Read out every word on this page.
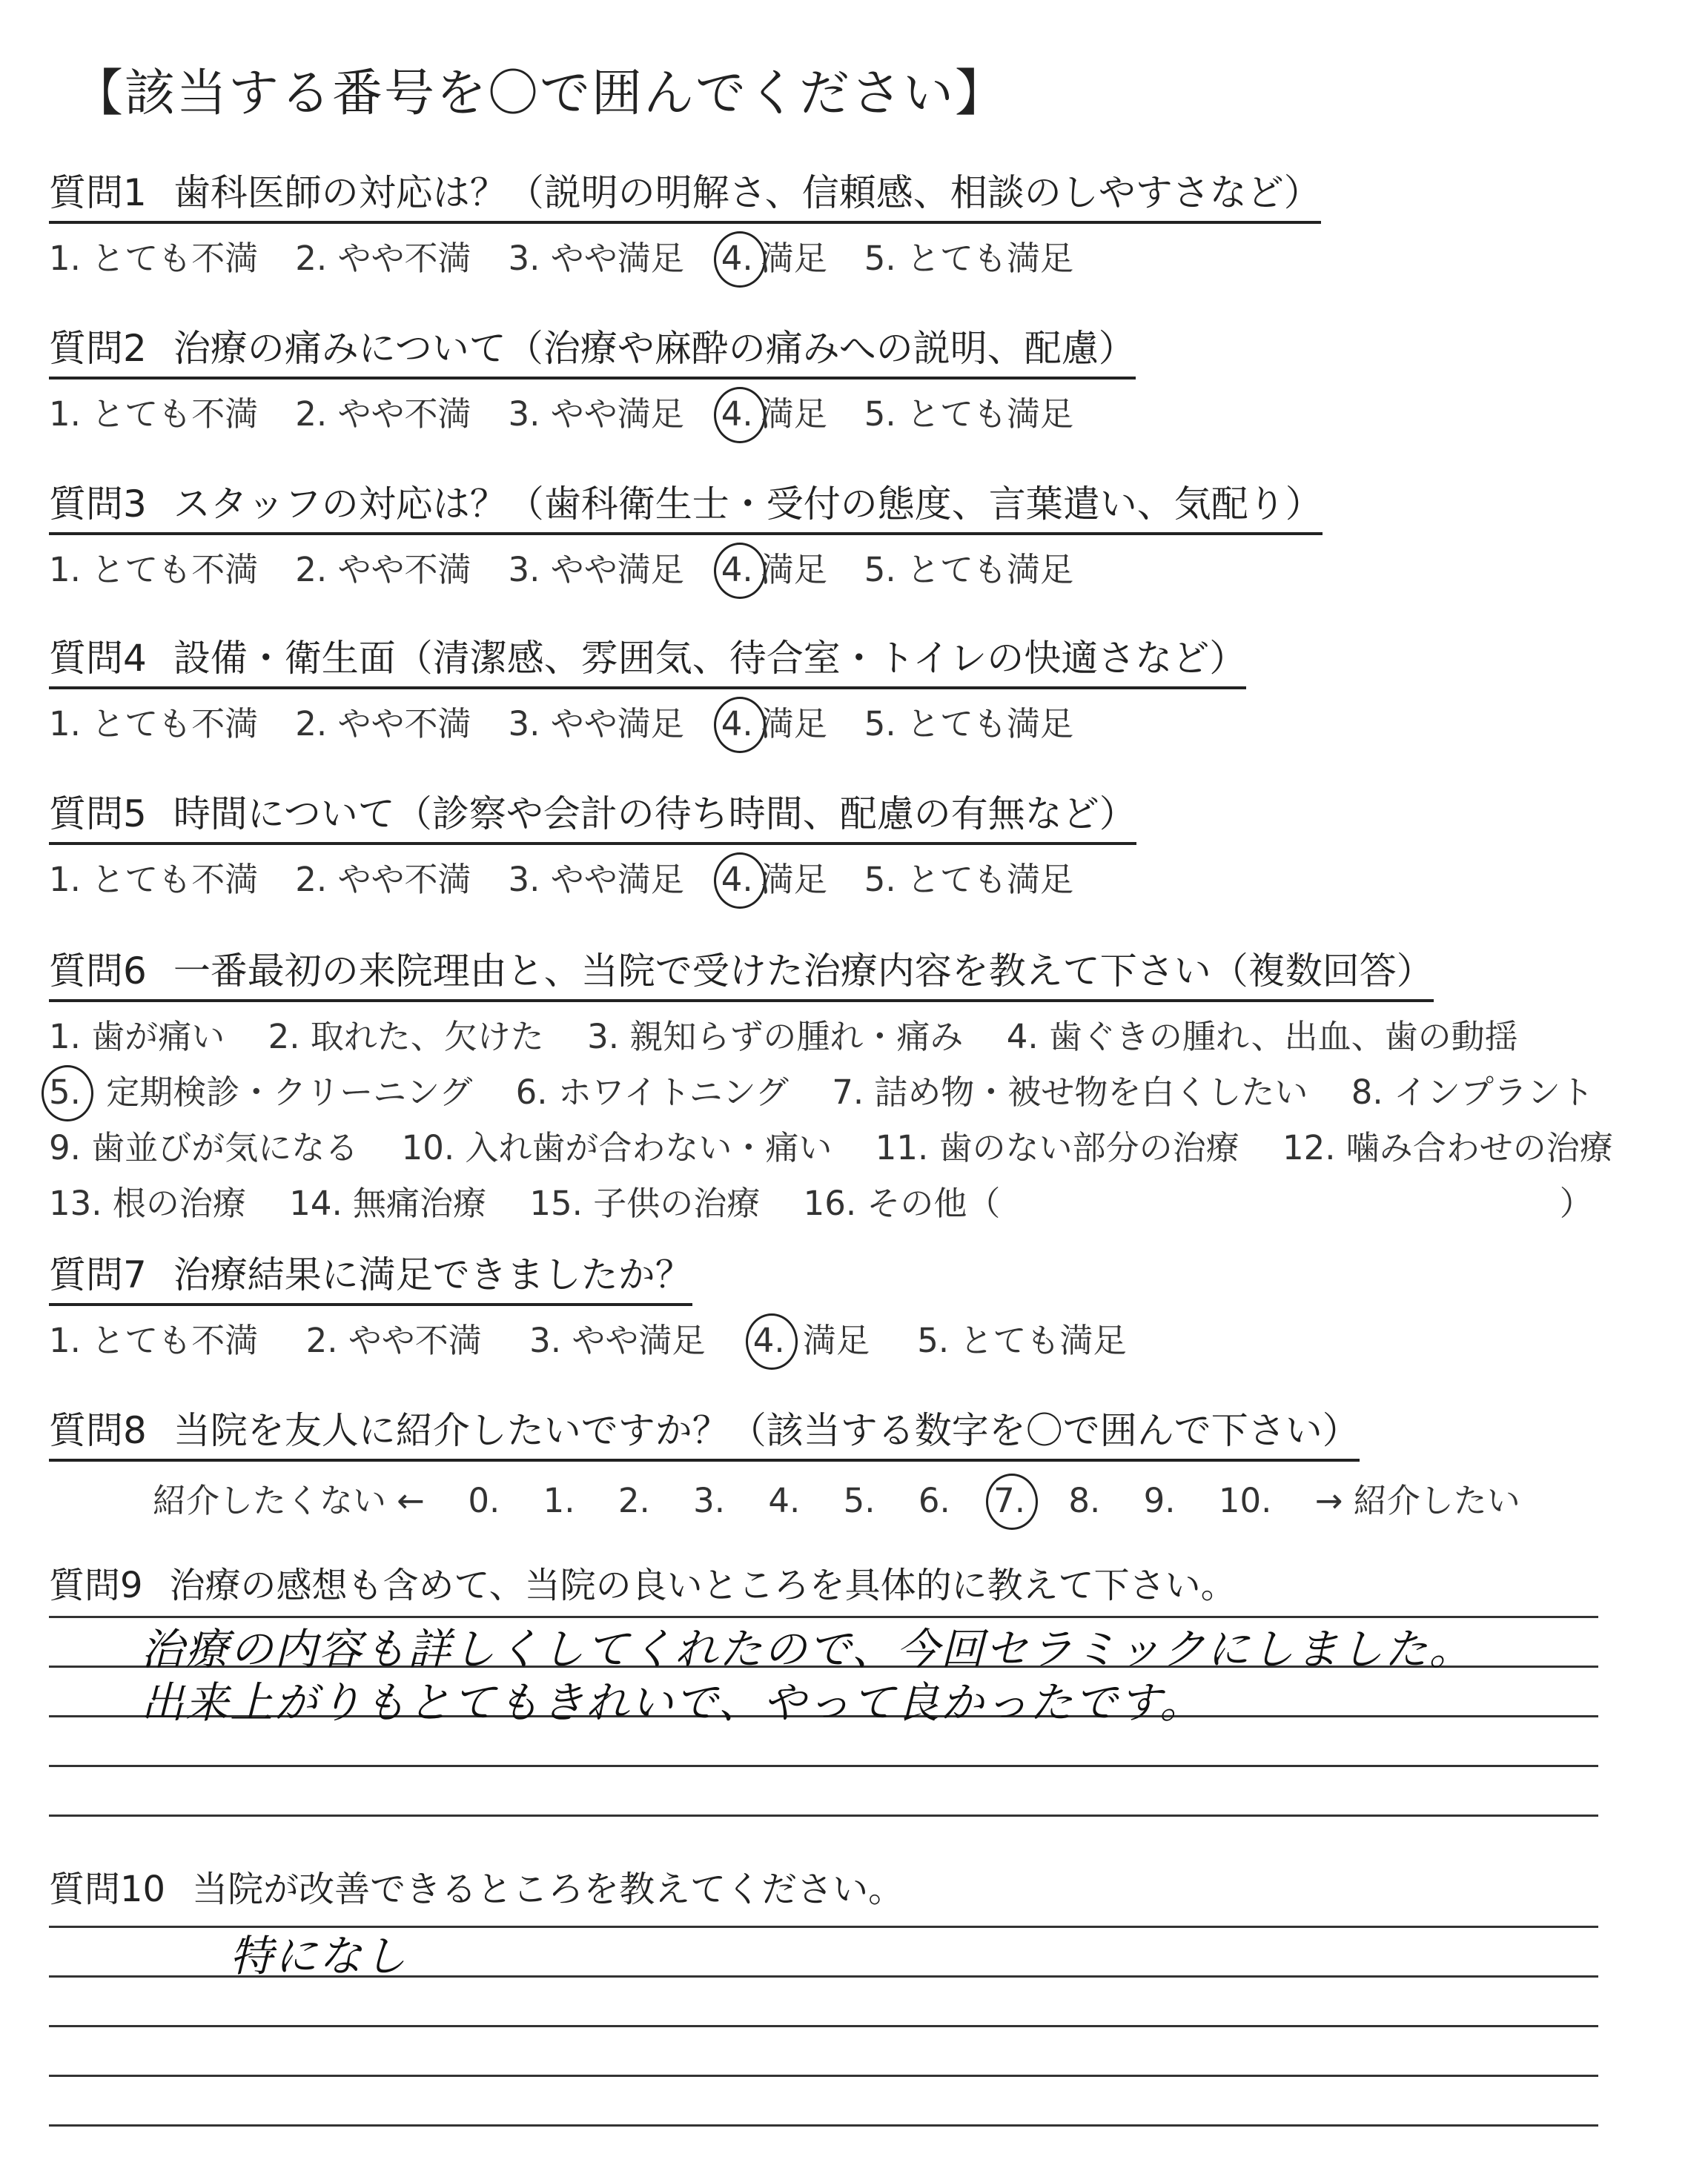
【該当する番号を〇で囲んでください】
質問1 歯科医師の対応は？（説明の明解さ、信頼感、相談のしやすさなど）
1. とても不満 2. やや不満 3. やや満足 4. 満足 5. とても満足
質問2 治療の痛みについて（治療や麻酔の痛みへの説明、配慮）
1. とても不満 2. やや不満 3. やや満足 4. 満足 5. とても満足
質問3 スタッフの対応は？（歯科衛生士・受付の態度、言葉遣い、気配り）
1. とても不満 2. やや不満 3. やや満足 4. 満足 5. とても満足
質問4 設備・衛生面（清潔感、雰囲気、待合室・トイレの快適さなど）
1. とても不満 2. やや不満 3. やや満足 4. 満足 5. とても満足
質問5 時間について（診察や会計の待ち時間、配慮の有無など）
1. とても不満 2. やや不満 3. やや満足 4. 満足 5. とても満足
質問6 一番最初の来院理由と、当院で受けた治療内容を教えて下さい（複数回答）
1. 歯が痛い 2. 取れた、欠けた 3. 親知らずの腫れ・痛み 4. 歯ぐきの腫れ、出血、歯の動揺
5. 定期検診・クリーニング 6. ホワイトニング 7. 詰め物・被せ物を白くしたい 8. インプラント
9. 歯並びが気になる 10. 入れ歯が合わない・痛い 11. 歯のない部分の治療 12. 噛み合わせの治療
13. 根の治療 14. 無痛治療 15. 子供の治療 16. その他（	）
質問7 治療結果に満足できましたか？
1. とても不満 2. やや不満 3. やや満足 4. 満足 5. とても満足
質問8 当院を友人に紹介したいですか？（該当する数字を〇で囲んで下さい）
紹介したくない ← 0. 1. 2. 3. 4. 5. 6. 7. 8. 9. 10. → 紹介したい
質問9 治療の感想も含めて、当院の良いところを具体的に教えて下さい。
治療の内容も詳しくしてくれたので、今回セラミックにしました。
出来上がりもとてもきれいで、やって良かったです。
質問10 当院が改善できるところを教えてください。
特になし
